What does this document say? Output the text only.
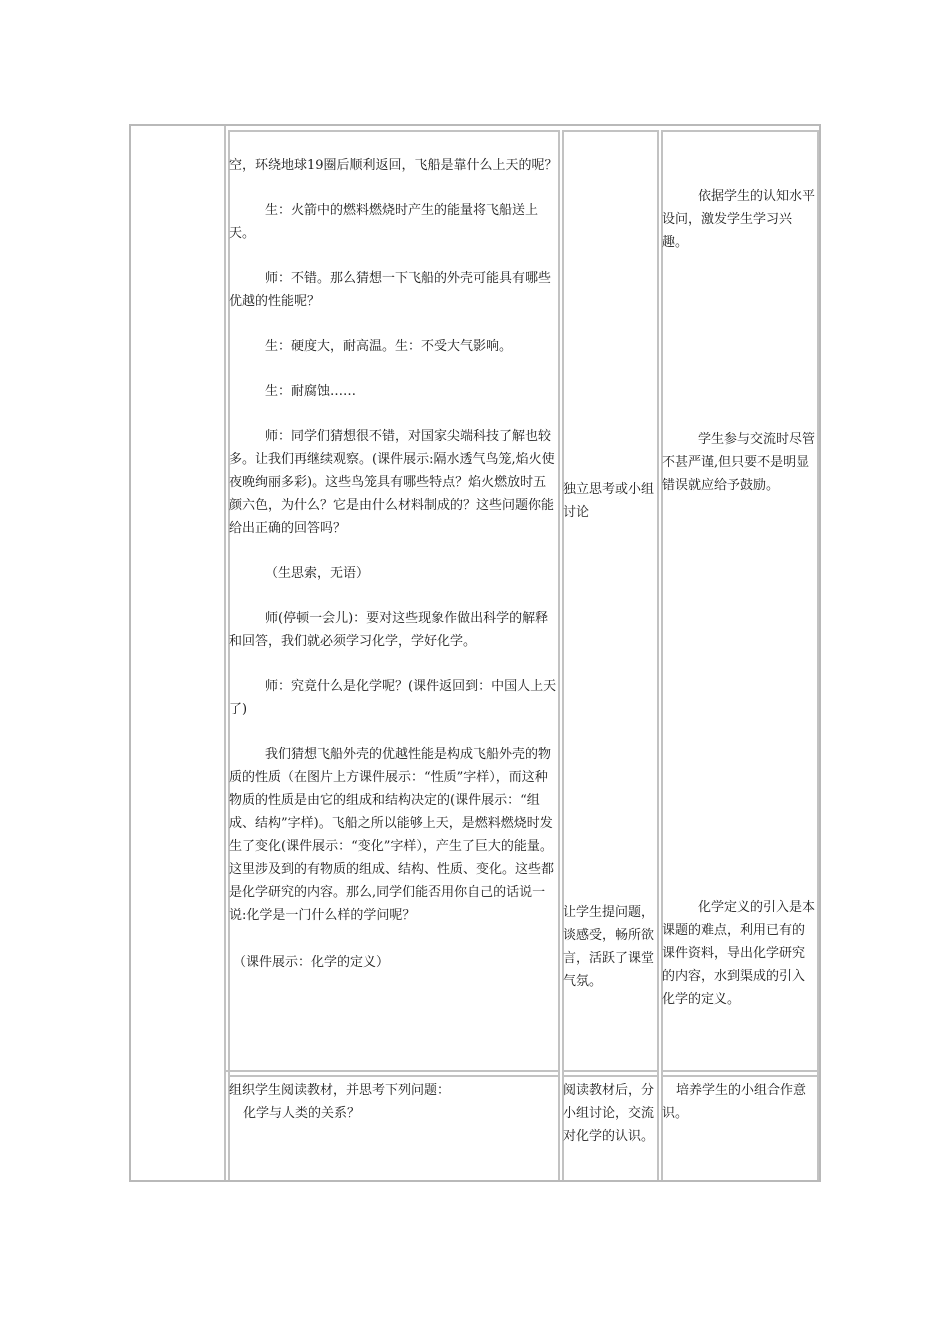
空，环绕地球19圈后顺利返回，飞船是靠什么上天的呢？

生：火箭中的燃料燃烧时产生的能量将飞船送上天。

师：不错。那么猜想一下飞船的外壳可能具有哪些优越的性能呢？

生：硬度大，耐高温。生：不受大气影响。

生：耐腐蚀……

师：同学们猜想很不错，对国家尖端科技了解也较多。让我们再继续观察。(课件展示:隔水透气鸟笼,焰火使夜晚绚丽多彩)。这些鸟笼具有哪些特点？焰火燃放时五颜六色，为什么？它是由什么材料制成的？这些问题你能给出正确的回答吗？

（生思索，无语）

师(停顿一会儿)：要对这些现象作做出科学的解释和回答，我们就必须学习化学，学好化学。

师：究竟什么是化学呢？(课件返回到：中国人上天了)

我们猜想飞船外壳的优越性能是构成飞船外壳的物质的性质（在图片上方课件展示：“性质”字样），而这种物质的性质是由它的组成和结构决定的(课件展示：“组成、结构”字样)。飞船之所以能够上天，是燃料燃烧时发生了变化(课件展示：“变化”字样），产生了巨大的能量。这里涉及到的有物质的组成、结构、性质、变化。这些都是化学研究的内容。那么,同学们能否用你自己的话说一说:化学是一门什么样的学问呢？

（课件展示：化学的定义）

独立思考或小组讨论

让学生提问题，谈感受，畅所欲言，活跃了课堂气氛。

依据学生的认知水平设问，激发学生学习兴趣。

学生参与交流时尽管不甚严谨,但只要不是明显错误就应给予鼓励。

化学定义的引入是本课题的难点，利用已有的课件资料，导出化学研究的内容，水到渠成的引入化学的定义。

组织学生阅读教材，并思考下列问题：

化学与人类的关系？

阅读教材后，分小组讨论，交流对化学的认识。

培养学生的小组合作意识。
